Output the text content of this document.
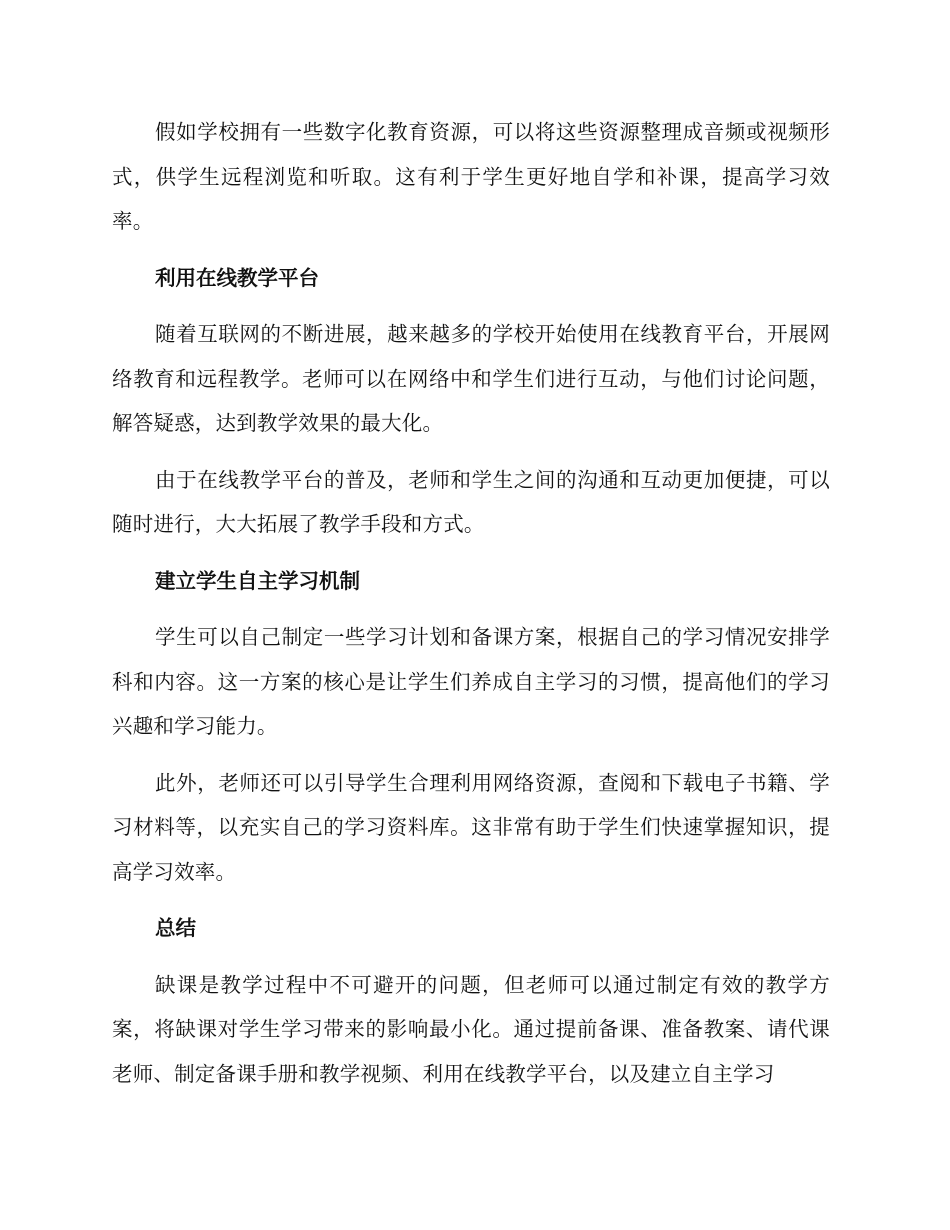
假如学校拥有一些数字化教育资源，可以将这些资源整理成音频或视频形式，供学生远程浏览和听取。这有利于学生更好地自学和补课，提高学习效率。

利用在线教学平台

随着互联网的不断进展，越来越多的学校开始使用在线教育平台，开展网络教育和远程教学。老师可以在网络中和学生们进行互动，与他们讨论问题，解答疑惑，达到教学效果的最大化。

由于在线教学平台的普及，老师和学生之间的沟通和互动更加便捷，可以随时进行，大大拓展了教学手段和方式。

建立学生自主学习机制

学生可以自己制定一些学习计划和备课方案，根据自己的学习情况安排学科和内容。这一方案的核心是让学生们养成自主学习的习惯，提高他们的学习兴趣和学习能力。

此外，老师还可以引导学生合理利用网络资源，查阅和下载电子书籍、学习材料等，以充实自己的学习资料库。这非常有助于学生们快速掌握知识，提高学习效率。

总结

缺课是教学过程中不可避开的问题，但老师可以通过制定有效的教学方案，将缺课对学生学习带来的影响最小化。通过提前备课、准备教案、请代课老师、制定备课手册和教学视频、利用在线教学平台，以及建立自主学习
